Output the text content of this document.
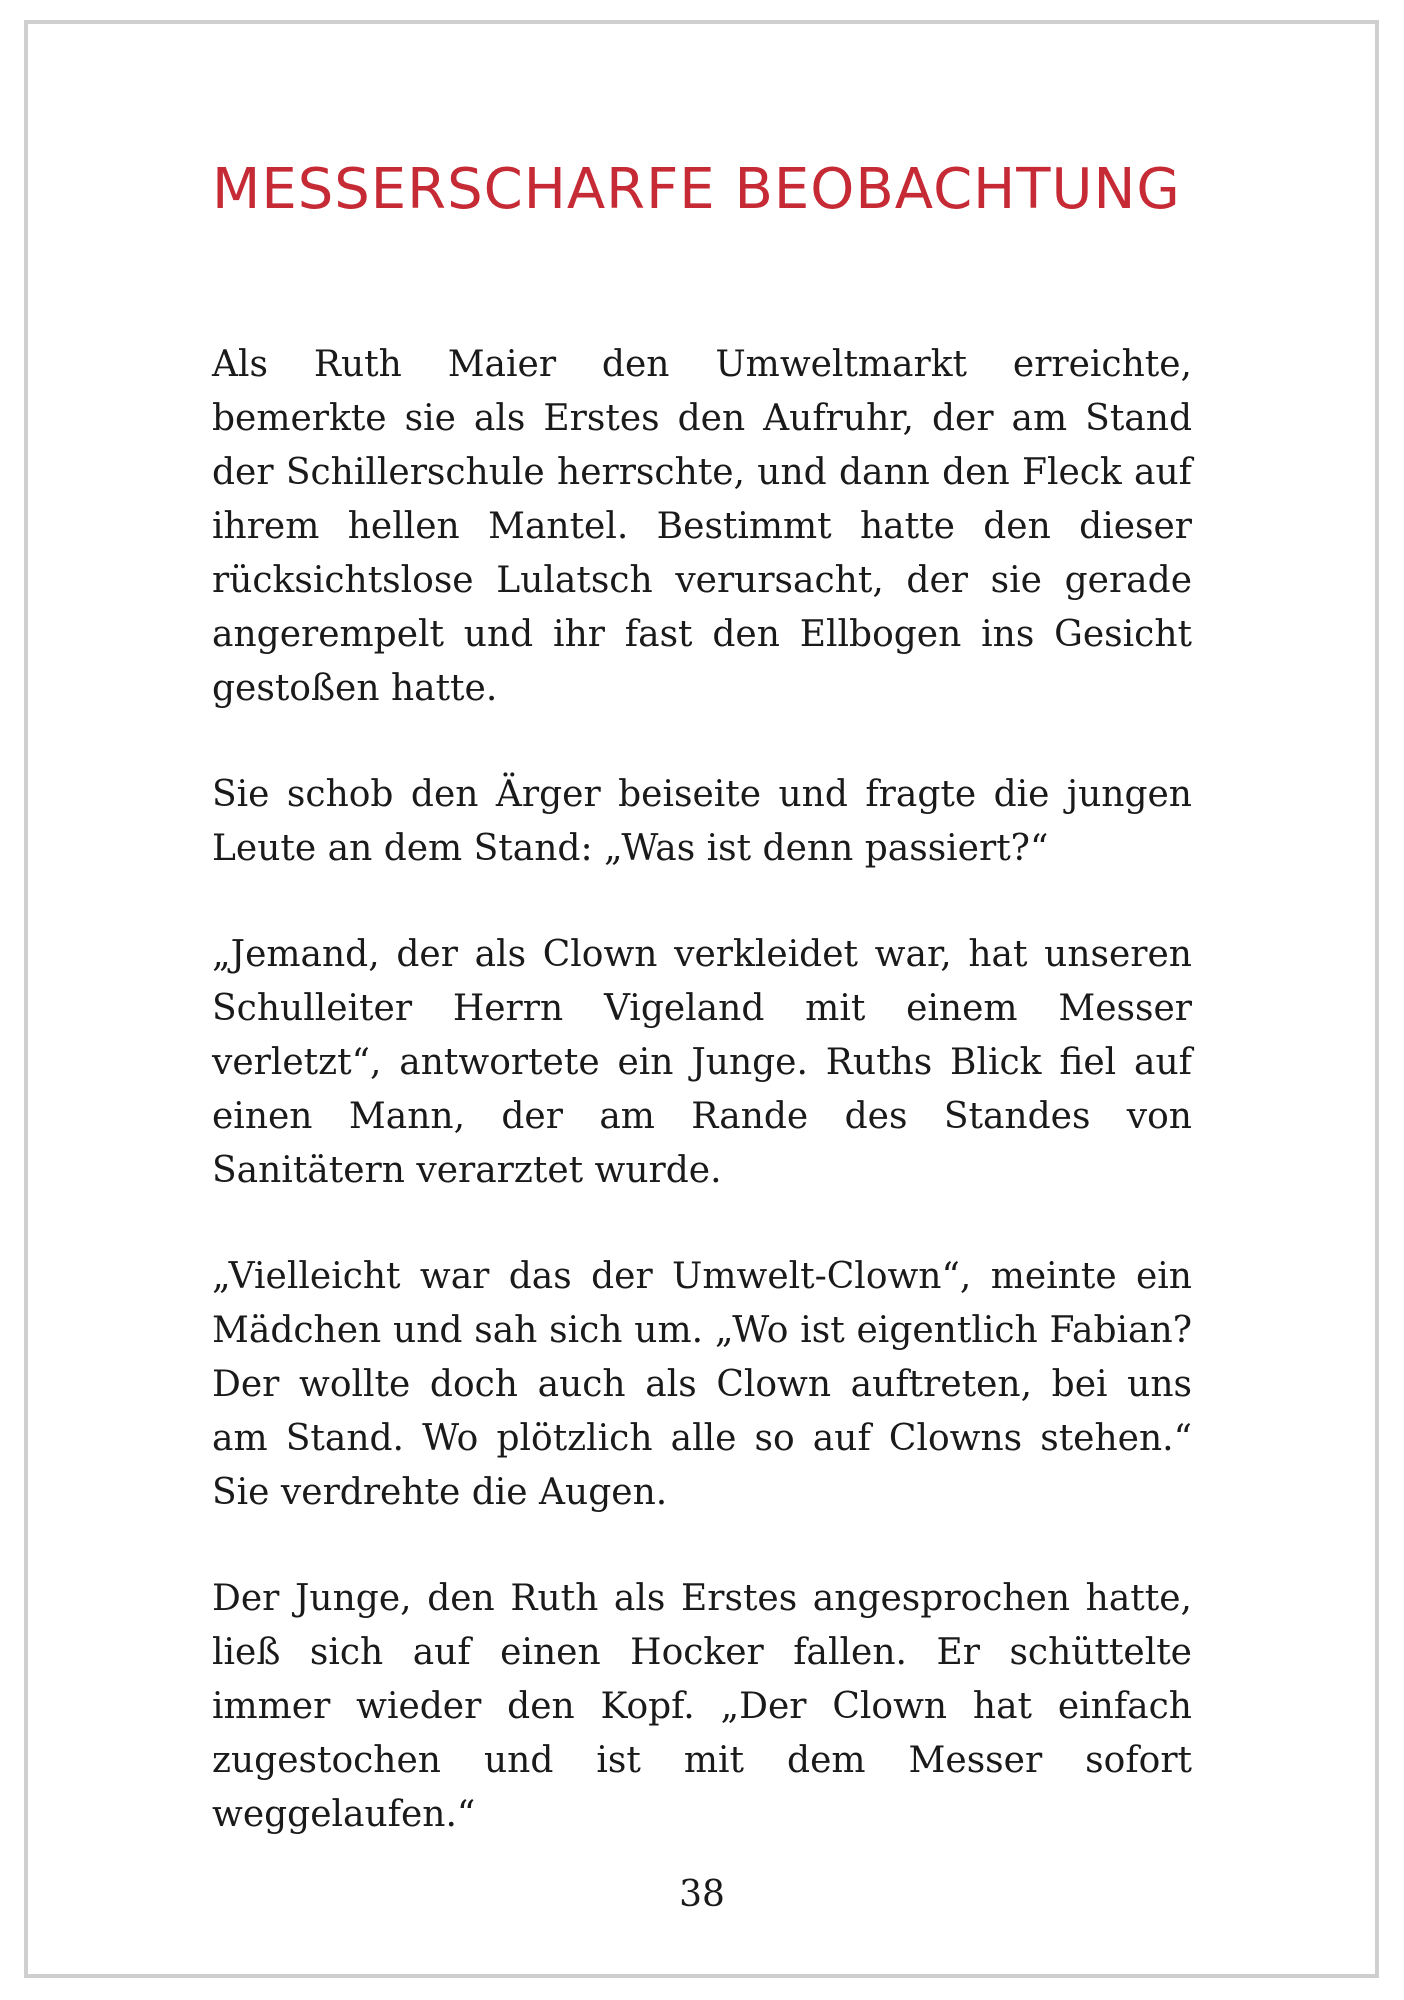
MESSERSCHARFE BEOBACHTUNG

Als Ruth Maier den Umweltmarkt erreichte, bemerkte sie als Erstes den Aufruhr, der am Stand der Schillerschule herrschte, und dann den Fleck auf ihrem hellen Mantel. Bestimmt hatte den dieser rücksichtslose Lulatsch verursacht, der sie gerade angerempelt und ihr fast den Ellbogen ins Gesicht gestoßen hatte.

Sie schob den Ärger beiseite und fragte die jungen Leute an dem Stand: „Was ist denn passiert?“

„Jemand, der als Clown verkleidet war, hat unseren Schulleiter Herrn Vigeland mit einem Messer verletzt“, antwortete ein Junge. Ruths Blick fiel auf einen Mann, der am Rande des Standes von Sanitätern verarztet wurde.

„Vielleicht war das der Umwelt-Clown“, meinte ein Mädchen und sah sich um. „Wo ist eigentlich Fabian? Der wollte doch auch als Clown auftreten, bei uns am Stand. Wo plötzlich alle so auf Clowns stehen.“ Sie verdrehte die Augen.

Der Junge, den Ruth als Erstes angesprochen hatte, ließ sich auf einen Hocker fallen. Er schüttelte immer wieder den Kopf. „Der Clown hat einfach zugestochen und ist mit dem Messer sofort weggelaufen.“

38
